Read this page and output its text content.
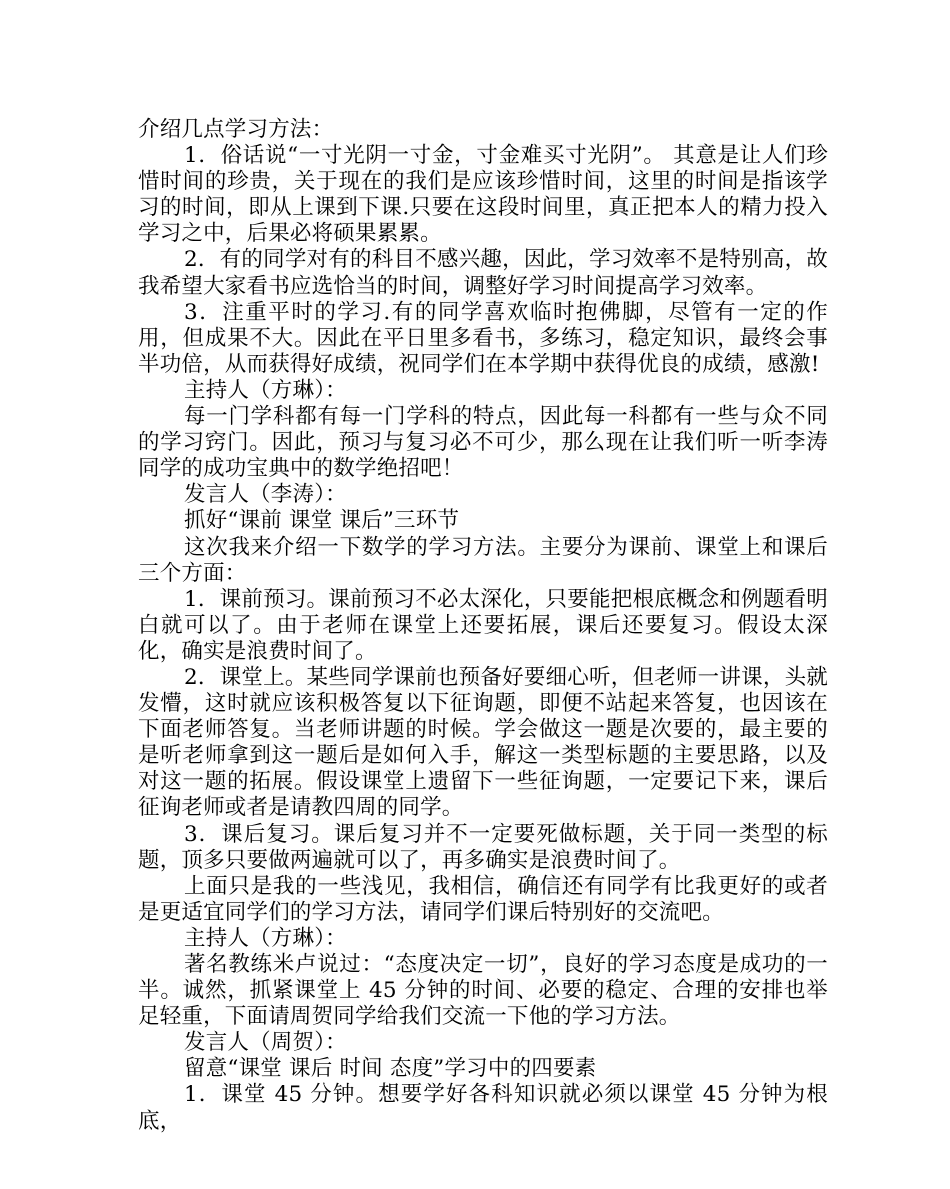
介绍几点学习方法：

1．俗话说“一寸光阴一寸金，寸金难买寸光阴”。 其意是让人们珍惜时间的珍贵，关于现在的我们是应该珍惜时间，这里的时间是指该学习的时间，即从上课到下课.只要在这段时间里，真正把本人的精力投入学习之中，后果必将硕果累累。

2．有的同学对有的科目不感兴趣，因此，学习效率不是特别高，故我希望大家看书应选恰当的时间，调整好学习时间提高学习效率。

3．注重平时的学习.有的同学喜欢临时抱佛脚，尽管有一定的作用，但成果不大。因此在平日里多看书，多练习，稳定知识，最终会事半功倍，从而获得好成绩，祝同学们在本学期中获得优良的成绩，感激!

主持人（方琳）：

每一门学科都有每一门学科的特点，因此每一科都有一些与众不同的学习窍门。因此，预习与复习必不可少，那么现在让我们听一听李涛同学的成功宝典中的数学绝招吧！

发言人（李涛）：

抓好“课前 课堂 课后”三环节

这次我来介绍一下数学的学习方法。主要分为课前、课堂上和课后三个方面：

1．课前预习。课前预习不必太深化，只要能把根底概念和例题看明白就可以了。由于老师在课堂上还要拓展，课后还要复习。假设太深化，确实是浪费时间了。

2．课堂上。某些同学课前也预备好要细心听，但老师一讲课，头就发懵，这时就应该积极答复以下征询题，即便不站起来答复，也因该在下面老师答复。当老师讲题的时候。学会做这一题是次要的，最主要的是听老师拿到这一题后是如何入手，解这一类型标题的主要思路，以及对这一题的拓展。假设课堂上遗留下一些征询题，一定要记下来，课后征询老师或者是请教四周的同学。

3．课后复习。课后复习并不一定要死做标题，关于同一类型的标题，顶多只要做两遍就可以了，再多确实是浪费时间了。

上面只是我的一些浅见，我相信，确信还有同学有比我更好的或者是更适宜同学们的学习方法，请同学们课后特别好的交流吧。

主持人（方琳）：

著名教练米卢说过：“态度决定一切”，良好的学习态度是成功的一半。诚然，抓紧课堂上 45 分钟的时间、必要的稳定、合理的安排也举足轻重，下面请周贺同学给我们交流一下他的学习方法。

发言人（周贺）：

留意“课堂 课后 时间 态度”学习中的四要素

1．课堂 45 分钟。想要学好各科知识就必须以课堂 45 分钟为根底，
